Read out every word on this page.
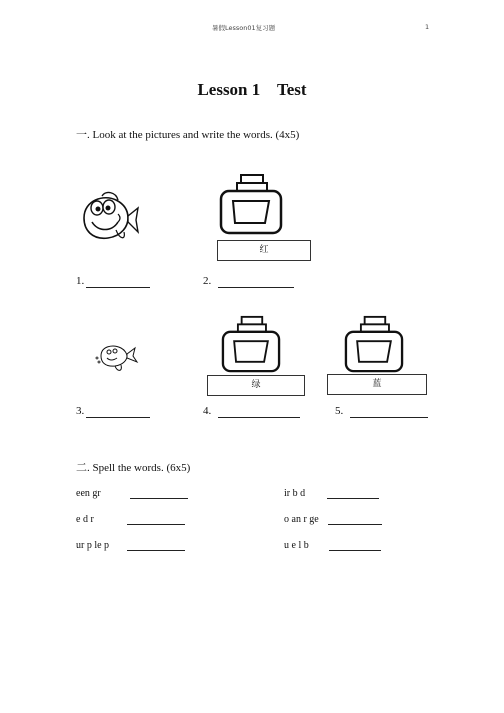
暑假Lesson01复习题	1
Lesson 1    Test
一. Look at the pictures and write the words. (4x5)
红
1.	2.
绿	蓝
3.	4.	5.
二. Spell the words. (6x5)
een gr	ir b d
e d r	o an r ge
ur p le p	u e l b
